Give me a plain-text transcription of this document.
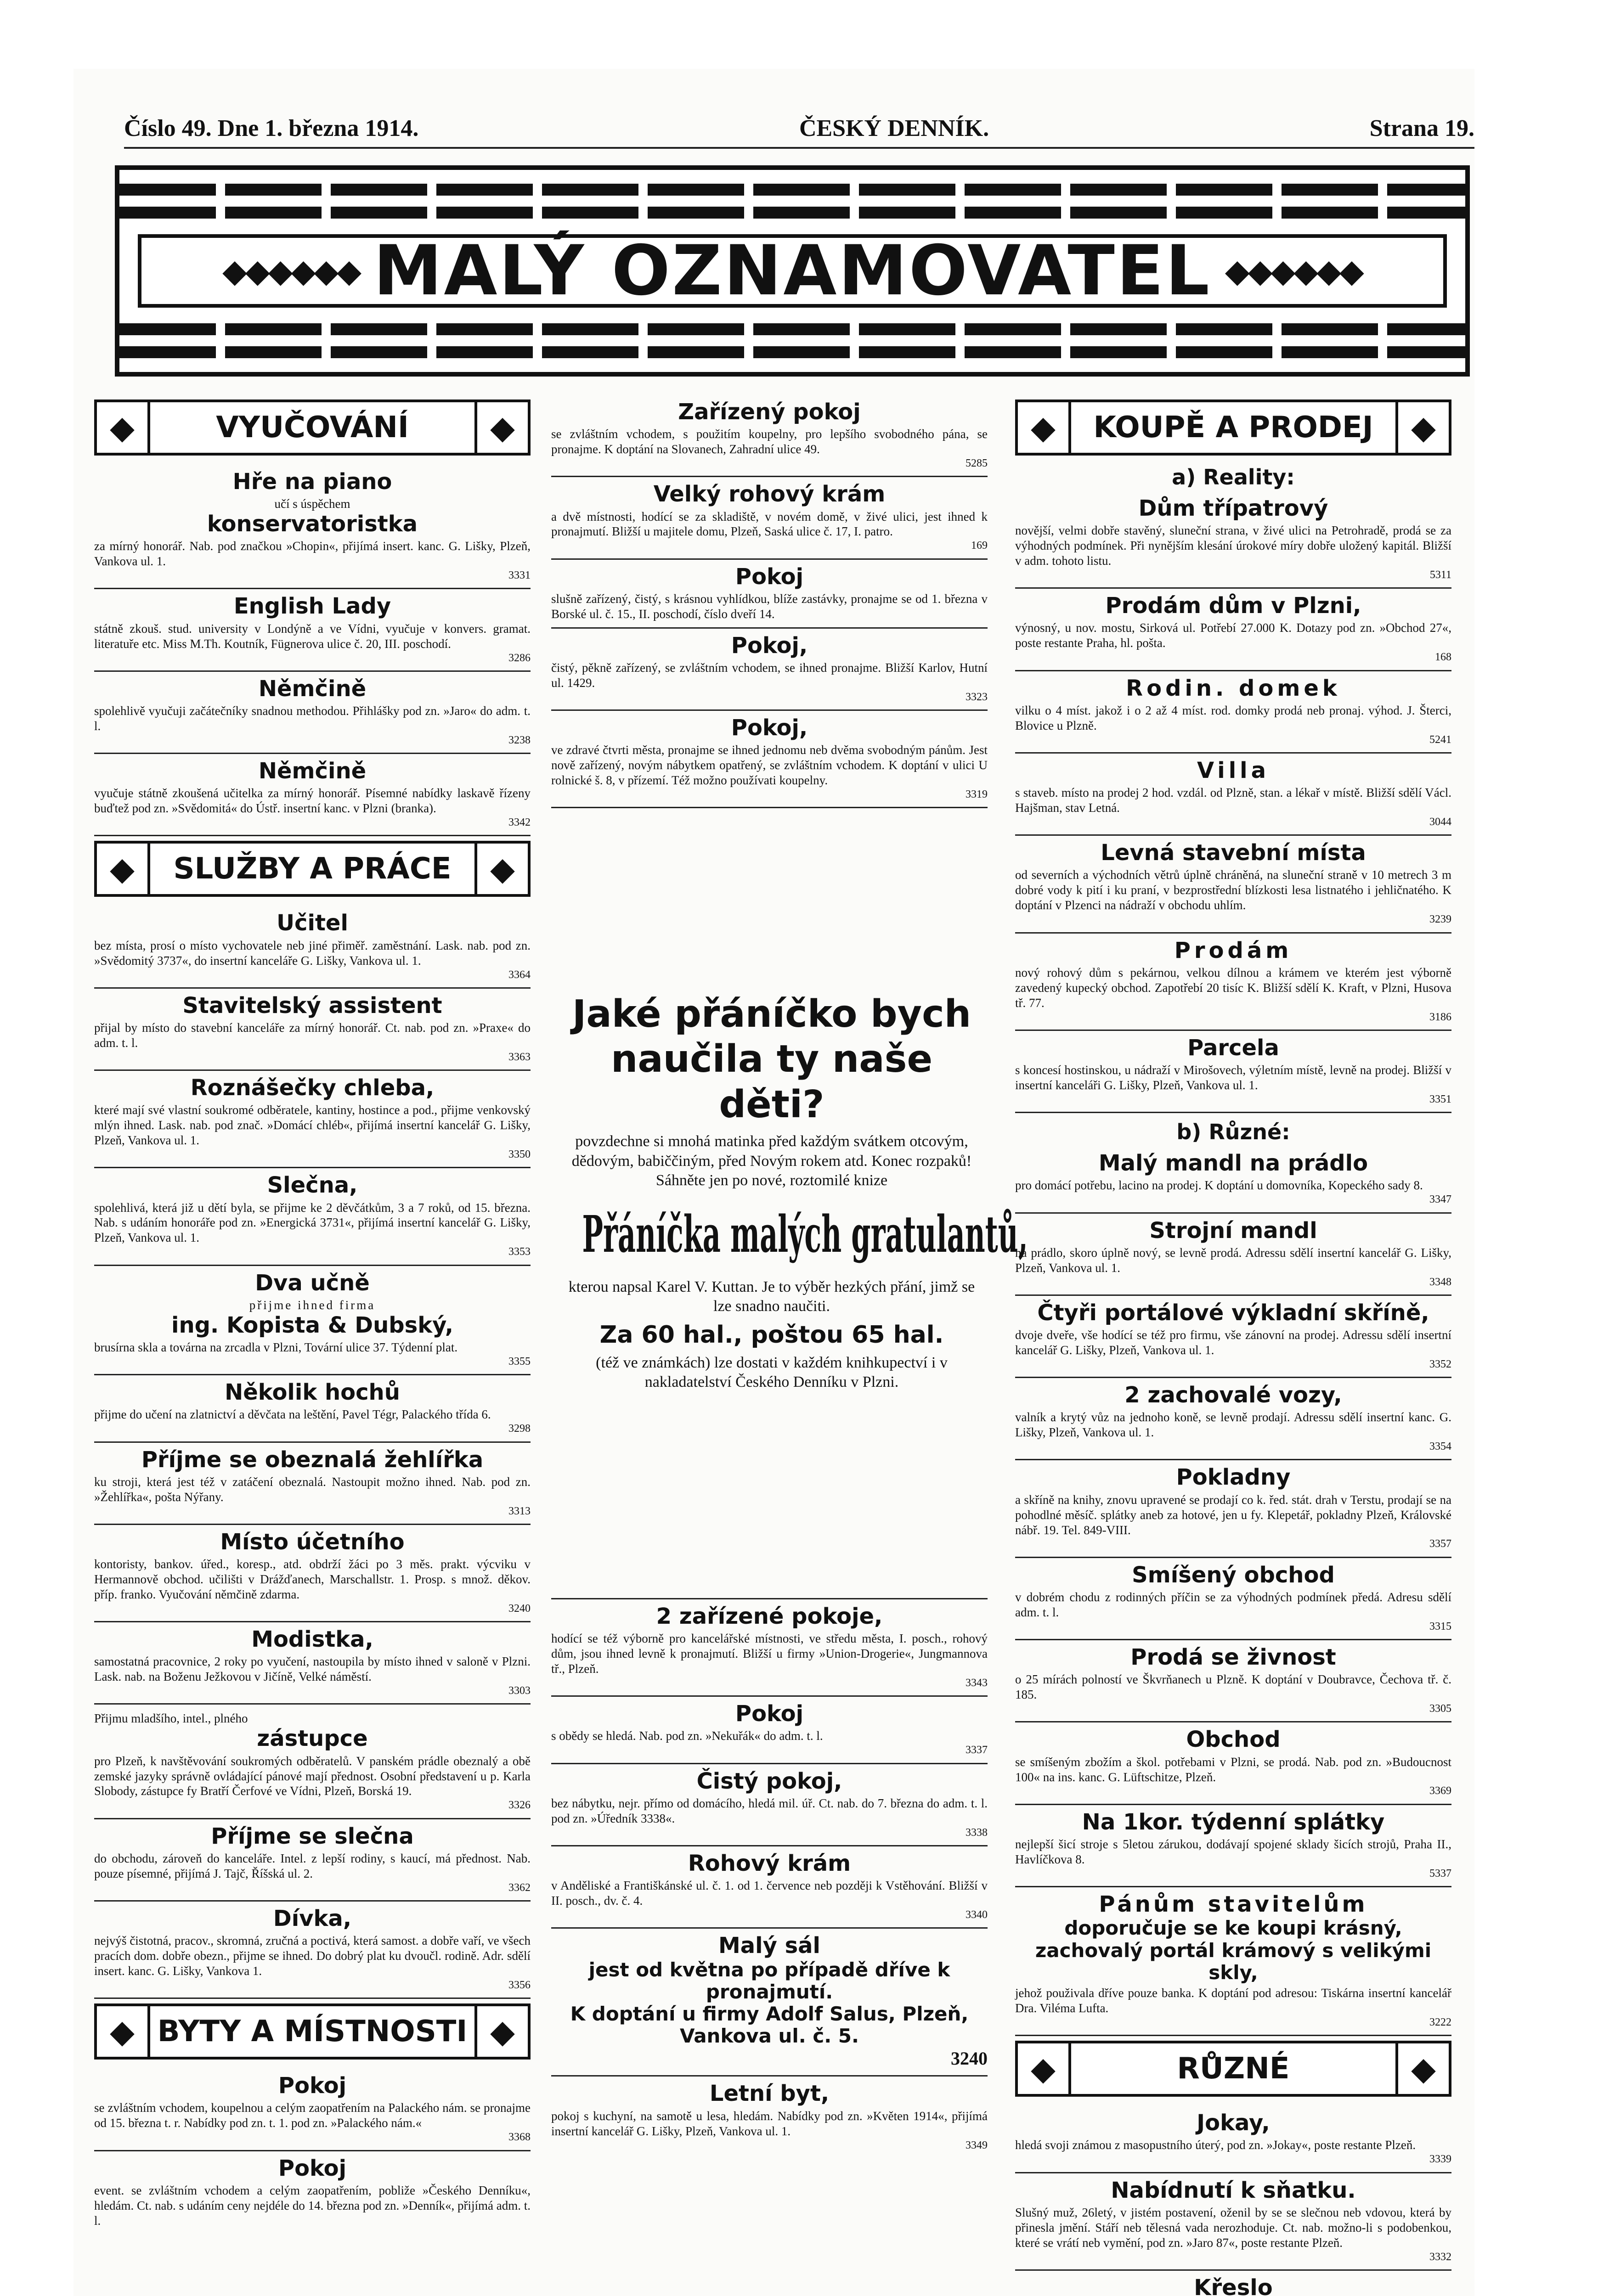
Číslo 49. Dne 1. března 1914.	ČESKÝ DENNÍK.	Strana 19.
◆◆◆◆◆◆ MALÝ OZNAMOVATEL ◆◆◆◆◆◆
◆	VYUČOVÁNÍ	◆
Hře na piano

učí s úspěchem

konservatoristka

za mírný honorář. Nab. pod značkou »Chopin«, přijímá insert. kanc. G. Lišky, Plzeň, Vankova ul. 1.

3331

English Lady

státně zkouš. stud. university v Londýně a ve Vídni, vyučuje v konvers. gramat. literatuře etc. Miss M.Th. Koutník, Fügnerova ulice č. 20, III. poschodí.

3286

Němčině

spolehlivě vyučuji začátečníky snadnou methodou. Přihlášky pod zn. »Jaro« do adm. t. l.

3238

Němčině

vyučuje státně zkoušená učitelka za mírný honorář. Písemné nabídky laskavě řízeny buďtež pod zn. »Svědomitá« do Ústř. insertní kanc. v Plzni (branka).

3342

◆	SLUŽBY A PRÁCE	◆
Učitel

bez místa, prosí o místo vychovatele neb jiné přiměř. zaměstnání. Lask. nab. pod zn. »Svědomitý 3737«, do insertní kanceláře G. Lišky, Vankova ul. 1.

3364

Stavitelský assistent

přijal by místo do stavební kanceláře za mírný honorář. Ct. nab. pod zn. »Praxe« do adm. t. l.

3363

Roznášečky chleba,

které mají své vlastní soukromé odběratele, kantiny, hostince a pod., přijme venkovský mlýn ihned. Lask. nab. pod znač. »Domácí chléb«, přijímá insertní kancelář G. Lišky, Plzeň, Vankova ul. 1.

3350

Slečna,

spolehlivá, která již u dětí byla, se přijme ke 2 děvčátkům, 3 a 7 roků, od 15. března. Nab. s udáním honoráře pod zn. »Energická 3731«, přijímá insertní kancelář G. Lišky, Plzeň, Vankova ul. 1.

3353

Dva učně

přijme ihned firma

ing. Kopista & Dubský,

brusírna skla a továrna na zrcadla v Plzni, Tovární ulice 37. Týdenní plat.

3355

Několik hochů

přijme do učení na zlatnictví a děvčata na leštění, Pavel Tégr, Palackého třída 6.

3298

Příjme se obeznalá žehlířka

ku stroji, která jest též v zatáčení obeznalá. Nastoupit možno ihned. Nab. pod zn. »Žehlířka«, pošta Nýřany.

3313

Místo účetního

kontoristy, bankov. úřed., koresp., atd. obdrží žáci po 3 měs. prakt. výcviku v Hermannově obchod. učilišti v Drážďanech, Marschallstr. 1. Prosp. s množ. děkov. příp. franko. Vyučování němčině zdarma.

3240

Modistka,

samostatná pracovnice, 2 roky po vyučení, nastoupila by místo ihned v saloně v Plzni. Lask. nab. na Boženu Ježkovou v Jičíně, Velké náměstí.

3303

Přijmu mladšího, intel., plného

zástupce

pro Plzeň, k navštěvování soukromých odběratelů. V panském prádle obeznalý a obě zemské jazyky správně ovládající pánové mají přednost. Osobní představení u p. Karla Slobody, zástupce fy Bratří Čerfové ve Vídni, Plzeň, Borská 19.

3326

Příjme se slečna

do obchodu, zároveň do kanceláře. Intel. z lepší rodiny, s kaucí, má přednost. Nab. pouze písemné, přijímá J. Tajč, Říšská ul. 2.

3362

Dívka,

nejvýš čistotná, pracov., skromná, zručná a poctivá, která samost. a dobře vaří, ve všech pracích dom. dobře obezn., přijme se ihned. Do dobrý plat ku dvoučl. rodině. Adr. sdělí insert. kanc. G. Lišky, Vankova 1.

3356

◆ BYTY A MÍSTNOSTI ◆
Pokoj

se zvláštním vchodem, koupelnou a celým zaopatřením na Palackého nám. se pronajme od 15. března t. r. Nabídky pod zn. t. 1. pod zn. »Palackého nám.«

3368

Pokoj

event. se zvláštním vchodem a celým zaopatřením, pobliže »Českého Denníku«, hledám. Ct. nab. s udáním ceny nejdéle do 14. března pod zn. »Denník«, přijímá adm. t. l.

Zařízený pokoj

se zvláštním vchodem, s použitím koupelny, pro lepšího svobodného pána, se pronajme. K doptání na Slovanech, Zahradní ulice 49.

5285

Velký rohový krám

a dvě místnosti, hodící se za skladiště, v novém domě, v živé ulici, jest ihned k pronajmutí. Bližší u majitele domu, Plzeň, Saská ulice č. 17, I. patro.

169

Pokoj

slušně zařízený, čistý, s krásnou vyhlídkou, blíže zastávky, pronajme se od 1. března v Borské ul. č. 15., II. poschodí, číslo dveří 14.

Pokoj,

čistý, pěkně zařízený, se zvláštním vchodem, se ihned pronajme. Bližší Karlov, Hutní ul. 1429.

3323

Pokoj,

ve zdravé čtvrti města, pronajme se ihned jednomu neb dvěma svobodným pánům. Jest nově zařízený, novým nábytkem opatřený, se zvláštním vchodem. K doptání v ulici U rolnické š. 8, v přízemí. Též možno používati koupelny.

3319

Jaké přáníčko bych naučila ty naše děti?

povzdechne si mnohá matinka před každým svátkem otcovým, dědovým, babiččiným, před Novým rokem atd. Konec rozpaků! Sáhněte jen po nové, roztomilé knize

Přáníčka malých gratulantů,

kterou napsal Karel V. Kuttan. Je to výběr hezkých přání, jimž se lze snadno naučiti.

Za 60 hal., poštou 65 hal.

(též ve známkách) lze dostati v každém knihkupectví i v nakladatelství Českého Denníku v Plzni.

2 zařízené pokoje,

hodící se též výborně pro kancelářské místnosti, ve středu města, I. posch., rohový dům, jsou ihned levně k pronajmutí. Bližší u firmy »Union-Drogerie«, Jungmannova tř., Plzeň.

3343

Pokoj

s obědy se hledá. Nab. pod zn. »Nekuřák« do adm. t. l.

3337

Čistý pokoj,

bez nábytku, nejr. přímo od domácího, hledá mil. úř. Ct. nab. do 7. března do adm. t. l. pod zn. »Úředník 3338«.

3338

Rohový krám

v Anděliské a Františkánské ul. č. 1. od 1. července neb později k Vstěhování. Bližší v II. posch., dv. č. 4.

3340

Malý sál
jest od května po případě dříve k pronajmutí.
K doptání u firmy Adolf Salus, Plzeň, Vankova ul. č. 5.

3240

Letní byt,

pokoj s kuchyní, na samotě u lesa, hledám. Nabídky pod zn. »Květen 1914«, přijímá insertní kancelář G. Lišky, Plzeň, Vankova ul. 1.

3349

◆	KOUPĚ A PRODEJ	◆
a) Reality:
Dům třípatrový

novější, velmi dobře stavěný, sluneční strana, v živé ulici na Petrohradě, prodá se za výhodných podmínek. Při nynějším klesání úrokové míry dobře uložený kapitál. Bližší v adm. tohoto listu.

5311

Prodám dům v Plzni,

výnosný, u nov. mostu, Sirková ul. Potřebí 27.000 K. Dotazy pod zn. »Obchod 27«, poste restante Praha, hl. pošta.

168

Rodin. domek

vilku o 4 míst. jakož i o 2 až 4 míst. rod. domky prodá neb pronaj. výhod. J. Šterci, Blovice u Plzně.

5241

Villa

s staveb. místo na prodej 2 hod. vzdál. od Plzně, stan. a lékař v místě. Bližší sdělí Václ. Hajšman, stav Letná.

3044

Levná stavební místa

od severních a východních větrů úplně chráněná, na sluneční straně v 10 metrech 3 m dobré vody k pití i ku praní, v bezprostřední blízkosti lesa listnatého i jehličnatého. K doptání v Plzenci na nádraží v obchodu uhlím.

3239

Prodám

nový rohový dům s pekárnou, velkou dílnou a krámem ve kterém jest výborně zavedený kupecký obchod. Zapotřebí 20 tisíc K. Bližší sdělí K. Kraft, v Plzni, Husova tř. 77.

3186

Parcela

s koncesí hostinskou, u nádraží v Mirošovech, výletním místě, levně na prodej. Bližší v insertní kanceláři G. Lišky, Plzeň, Vankova ul. 1.

3351

b) Různé:
Malý mandl na prádlo

pro domácí potřebu, lacino na prodej. K doptání u domovníka, Kopeckého sady 8.

3347

Strojní mandl

na prádlo, skoro úplně nový, se levně prodá. Adressu sdělí insertní kancelář G. Lišky, Plzeň, Vankova ul. 1.

3348

Čtyři portálové výkladní skříně,

dvoje dveře, vše hodící se též pro firmu, vše zánovní na prodej. Adressu sdělí insertní kancelář G. Lišky, Plzeň, Vankova ul. 1.

3352

2 zachovalé vozy,

valník a krytý vůz na jednoho koně, se levně prodají. Adressu sdělí insertní kanc. G. Lišky, Plzeň, Vankova ul. 1.

3354

Pokladny

a skříně na knihy, znovu upravené se prodají co k. řed. stát. drah v Terstu, prodají se na pohodlné měsíč. splátky aneb za hotové, jen u fy. Klepetář, pokladny Plzeň, Královské nábř. 19. Tel. 849-VIII.

3357

Smíšený obchod

v dobrém chodu z rodinných příčin se za výhodných podmínek předá. Adresu sdělí adm. t. l.

3315

Prodá se živnost

o 25 mírách polností ve Škvrňanech u Plzně. K doptání v Doubravce, Čechova tř. č. 185.

3305

Obchod

se smíšeným zbožím a škol. potřebami v Plzni, se prodá. Nab. pod zn. »Budoucnost 100« na ins. kanc. G. Lüftschitze, Plzeň.

3369

Na 1kor. týdenní splátky

nejlepší šicí stroje s 5letou zárukou, dodávají spojené sklady šicích strojů, Praha II., Havlíčkova 8.

5337

Pánům stavitelům
doporučuje se ke koupi krásný, zachovalý portál krámový s velikými skly,

jehož použivala dříve pouze banka. K doptání pod adresou: Tiskárna insertní kancelář Dra. Viléma Lufta.

3222

◆	RŮZNÉ	◆
Jokay,

hledá svoji známou z masopustního úterý, pod zn. »Jokay«, poste restante Plzeň.

3339

Nabídnutí k sňatku.

Slušný muž, 26letý, v jistém postavení, oženil by se se slečnou neb vdovou, která by přinesla jmění. Stáří neb tělesná vada nerozhoduje. Ct. nab. možno-li s podobenkou, které se vrátí neb vymění, pod zn. »Jaro 87«, poste restante Plzeň.

3332

Křeslo
